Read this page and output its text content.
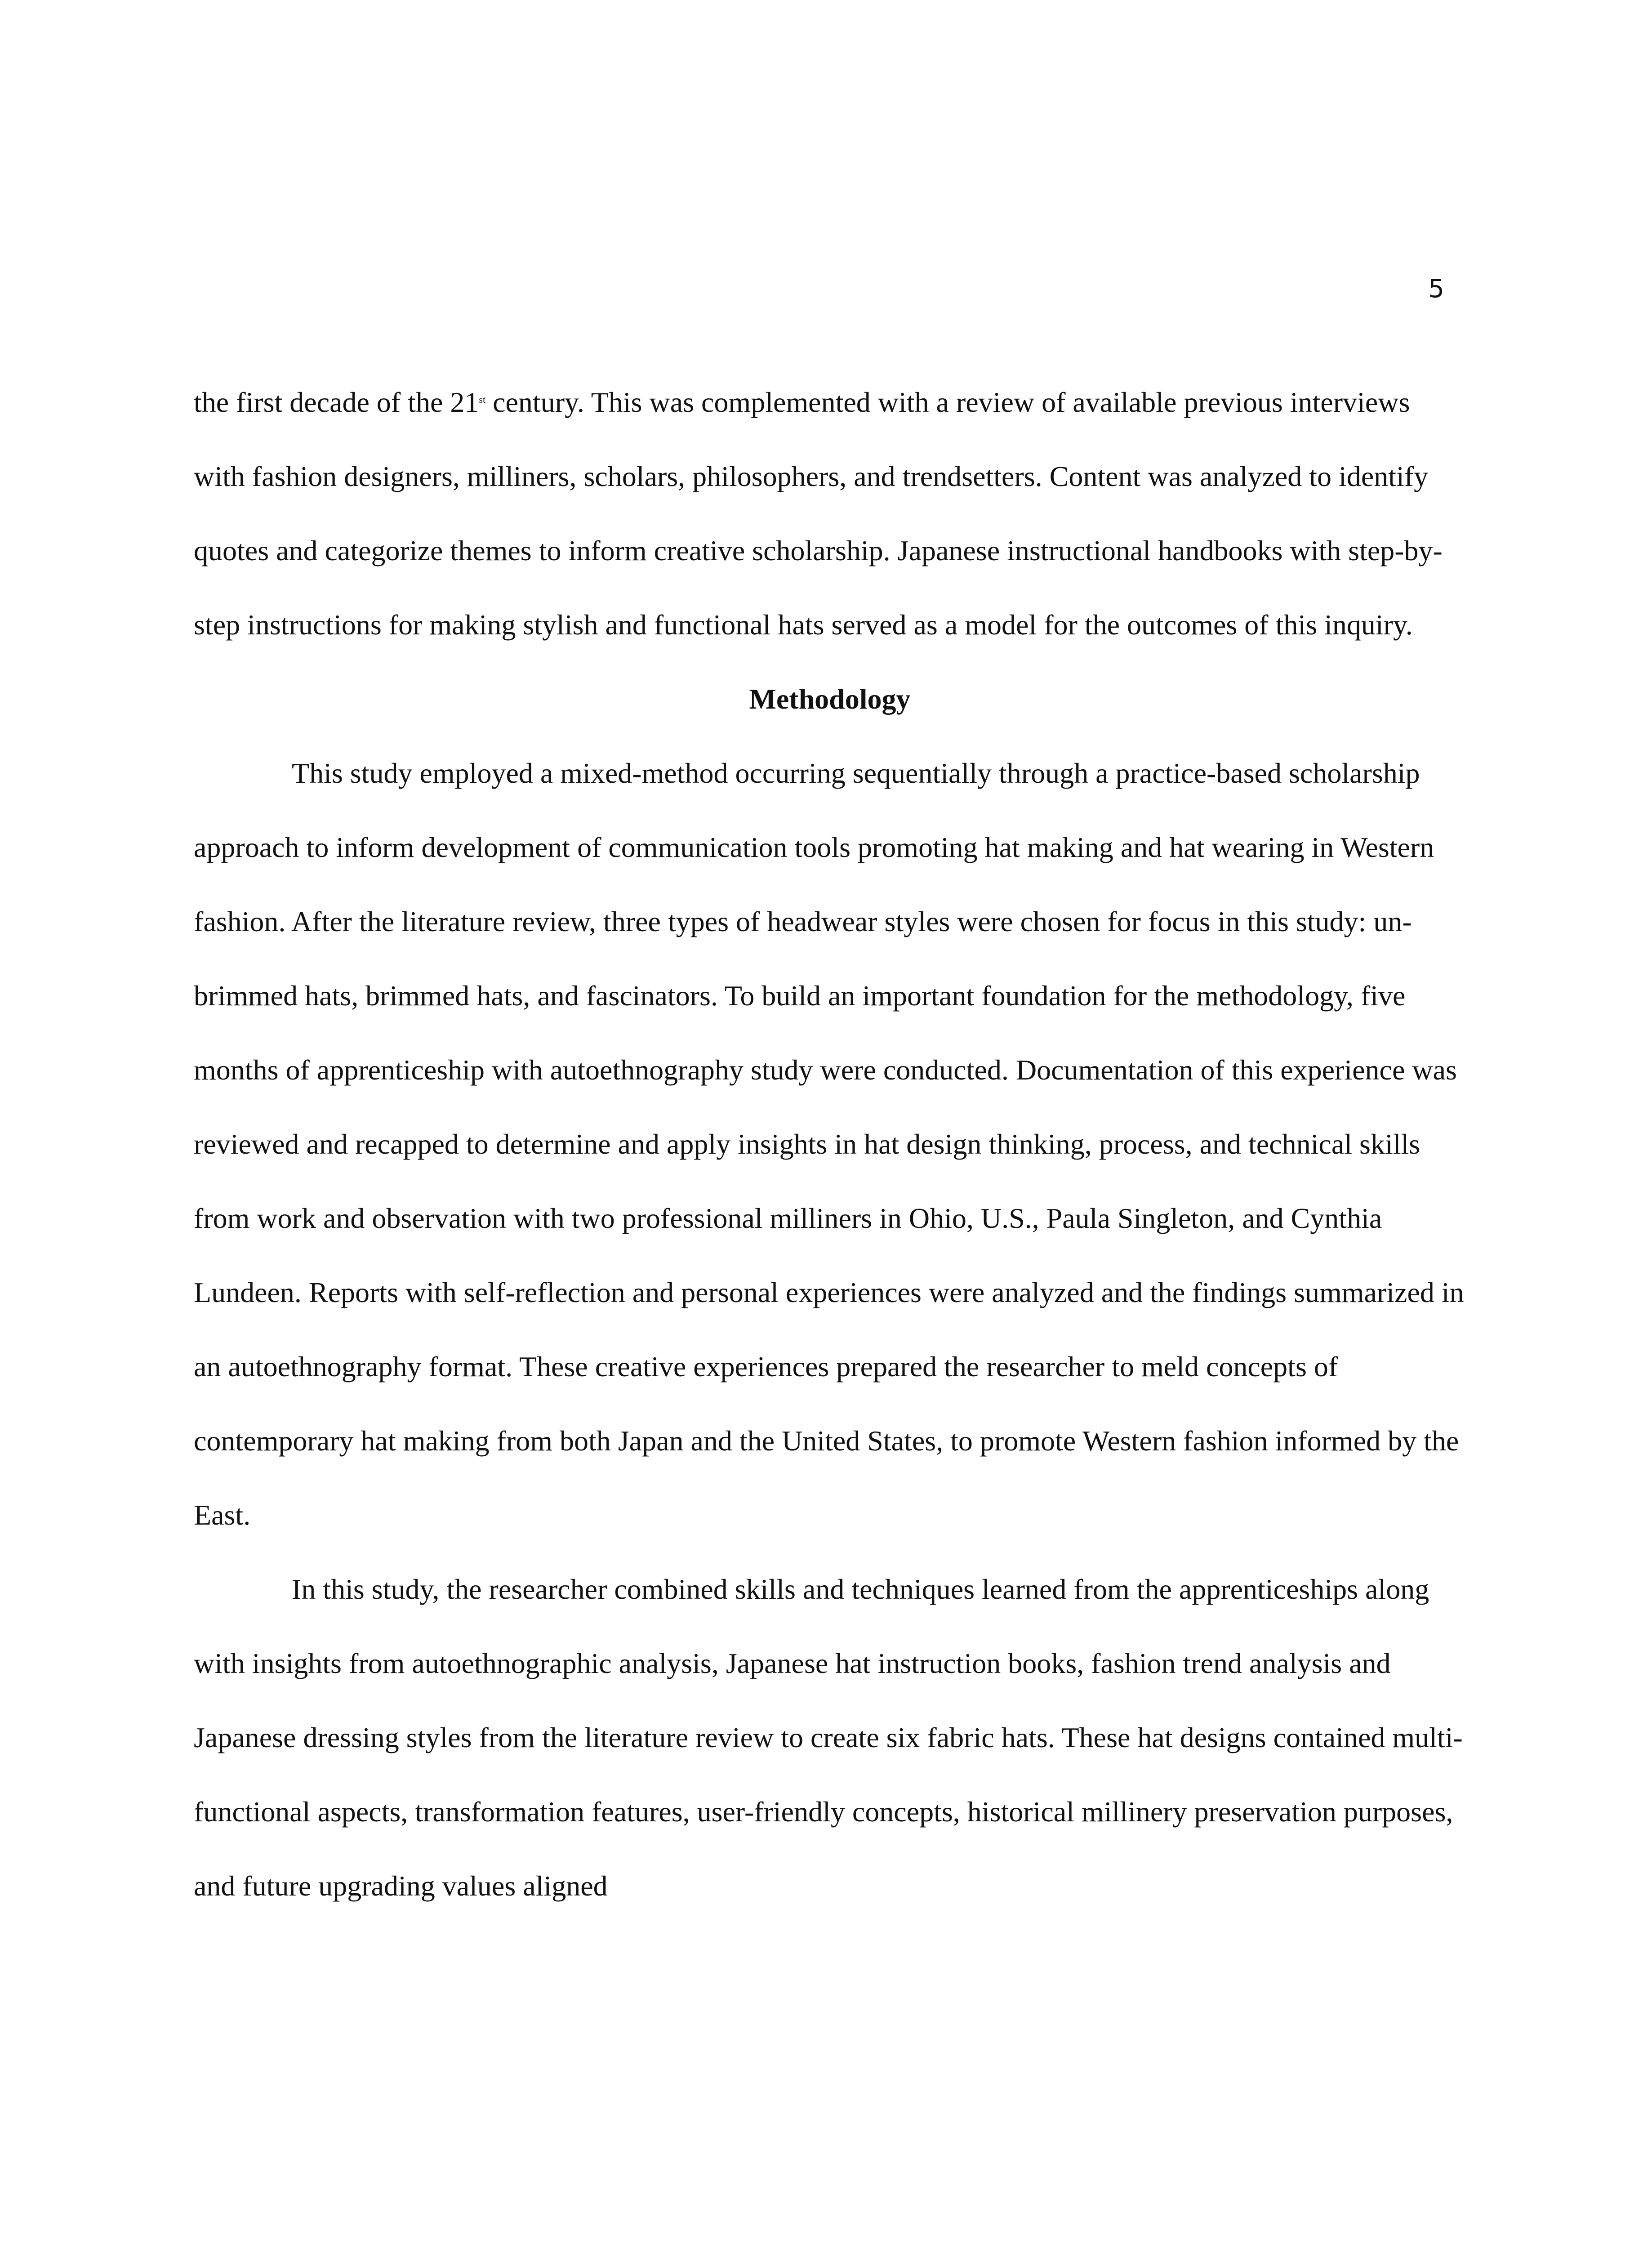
5

the first decade of the 21st century. This was complemented with a review of available previous interviews with fashion designers, milliners, scholars, philosophers, and trendsetters. Content was analyzed to identify quotes and categorize themes to inform creative scholarship. Japanese instructional handbooks with step-by-step instructions for making stylish and functional hats served as a model for the outcomes of this inquiry.

Methodology

This study employed a mixed-method occurring sequentially through a practice-based scholarship approach to inform development of communication tools promoting hat making and hat wearing in Western fashion. After the literature review, three types of headwear styles were chosen for focus in this study: un-brimmed hats, brimmed hats, and fascinators. To build an important foundation for the methodology, five months of apprenticeship with autoethnography study were conducted. Documentation of this experience was reviewed and recapped to determine and apply insights in hat design thinking, process, and technical skills from work and observation with two professional milliners in Ohio, U.S., Paula Singleton, and Cynthia Lundeen. Reports with self-reflection and personal experiences were analyzed and the findings summarized in an autoethnography format. These creative experiences prepared the researcher to meld concepts of contemporary hat making from both Japan and the United States, to promote Western fashion informed by the East.

In this study, the researcher combined skills and techniques learned from the apprenticeships along with insights from autoethnographic analysis, Japanese hat instruction books, fashion trend analysis and Japanese dressing styles from the literature review to create six fabric hats. These hat designs contained multi-functional aspects, transformation features, user-friendly concepts, historical millinery preservation purposes, and future upgrading values aligned
